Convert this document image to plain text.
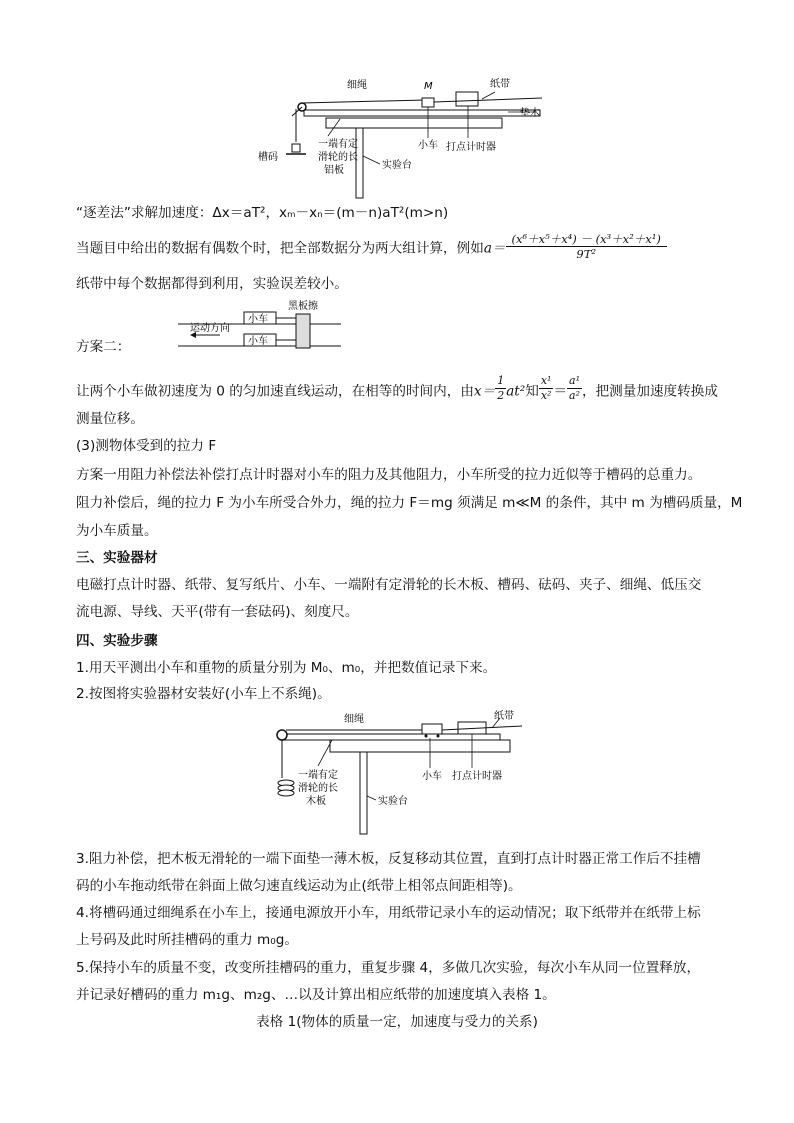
细绳	M	纸带
垫木
槽码
一端有定
滑轮的长
铝板
小车 打点计时器
实验台
“逐差法”求解加速度：Δx＝aT²，xₘ－xₙ＝(m－n)aT²(m>n)
当题目中给出的数据有偶数个时，把全部数据分为两大组计算，例如$a= \frac{\text{(x⁶＋x⁵＋x⁴) － (x³＋x²＋x¹)}}{\text{9T²}}$
纸带中每个数据都得到利用，实验误差较小。
方案二：
小车
小车
黑板擦
运动方向
让两个小车做初速度为 0 的匀加速直线运动，在相等的时间内，由$x= \frac{1}{2} at^2$知 $\frac{\text{x¹}}{\text{x²}} = \frac{\text{a¹}}{\text{a²}}$ ，把测量加速度转换成
测量位移。
(3)测物体受到的拉力 F
方案一用阻力补偿法补偿打点计时器对小车的阻力及其他阻力，小车所受的拉力近似等于槽码的总重力。
阻力补偿后，绳的拉力 F 为小车所受合外力，绳的拉力 F＝mg 须满足 m≪M 的条件，其中 m 为槽码质量，M
为小车质量。
三、实验器材
电磁打点计时器、纸带、复写纸片、小车、一端附有定滑轮的长木板、槽码、砝码、夹子、细绳、低压交
流电源、导线、天平(带有一套砝码)、刻度尺。
四、实验步骤
1.用天平测出小车和重物的质量分别为 M₀、m₀，并把数值记录下来。
2.按图将实验器材安装好(小车上不系绳)。
细绳	纸带
一端有定
滑轮的长
木板
小车 打点计时器
实验台
3.阻力补偿，把木板无滑轮的一端下面垫一薄木板，反复移动其位置，直到打点计时器正常工作后不挂槽
码的小车拖动纸带在斜面上做匀速直线运动为止(纸带上相邻点间距相等)。
4.将槽码通过细绳系在小车上，接通电源放开小车，用纸带记录小车的运动情况；取下纸带并在纸带上标
上号码及此时所挂槽码的重力 m₀g。
5.保持小车的质量不变，改变所挂槽码的重力，重复步骤 4，多做几次实验，每次小车从同一位置释放，
并记录好槽码的重力 m₁g、m₂g、…以及计算出相应纸带的加速度填入表格 1。
表格 1(物体的质量一定，加速度与受力的关系)
